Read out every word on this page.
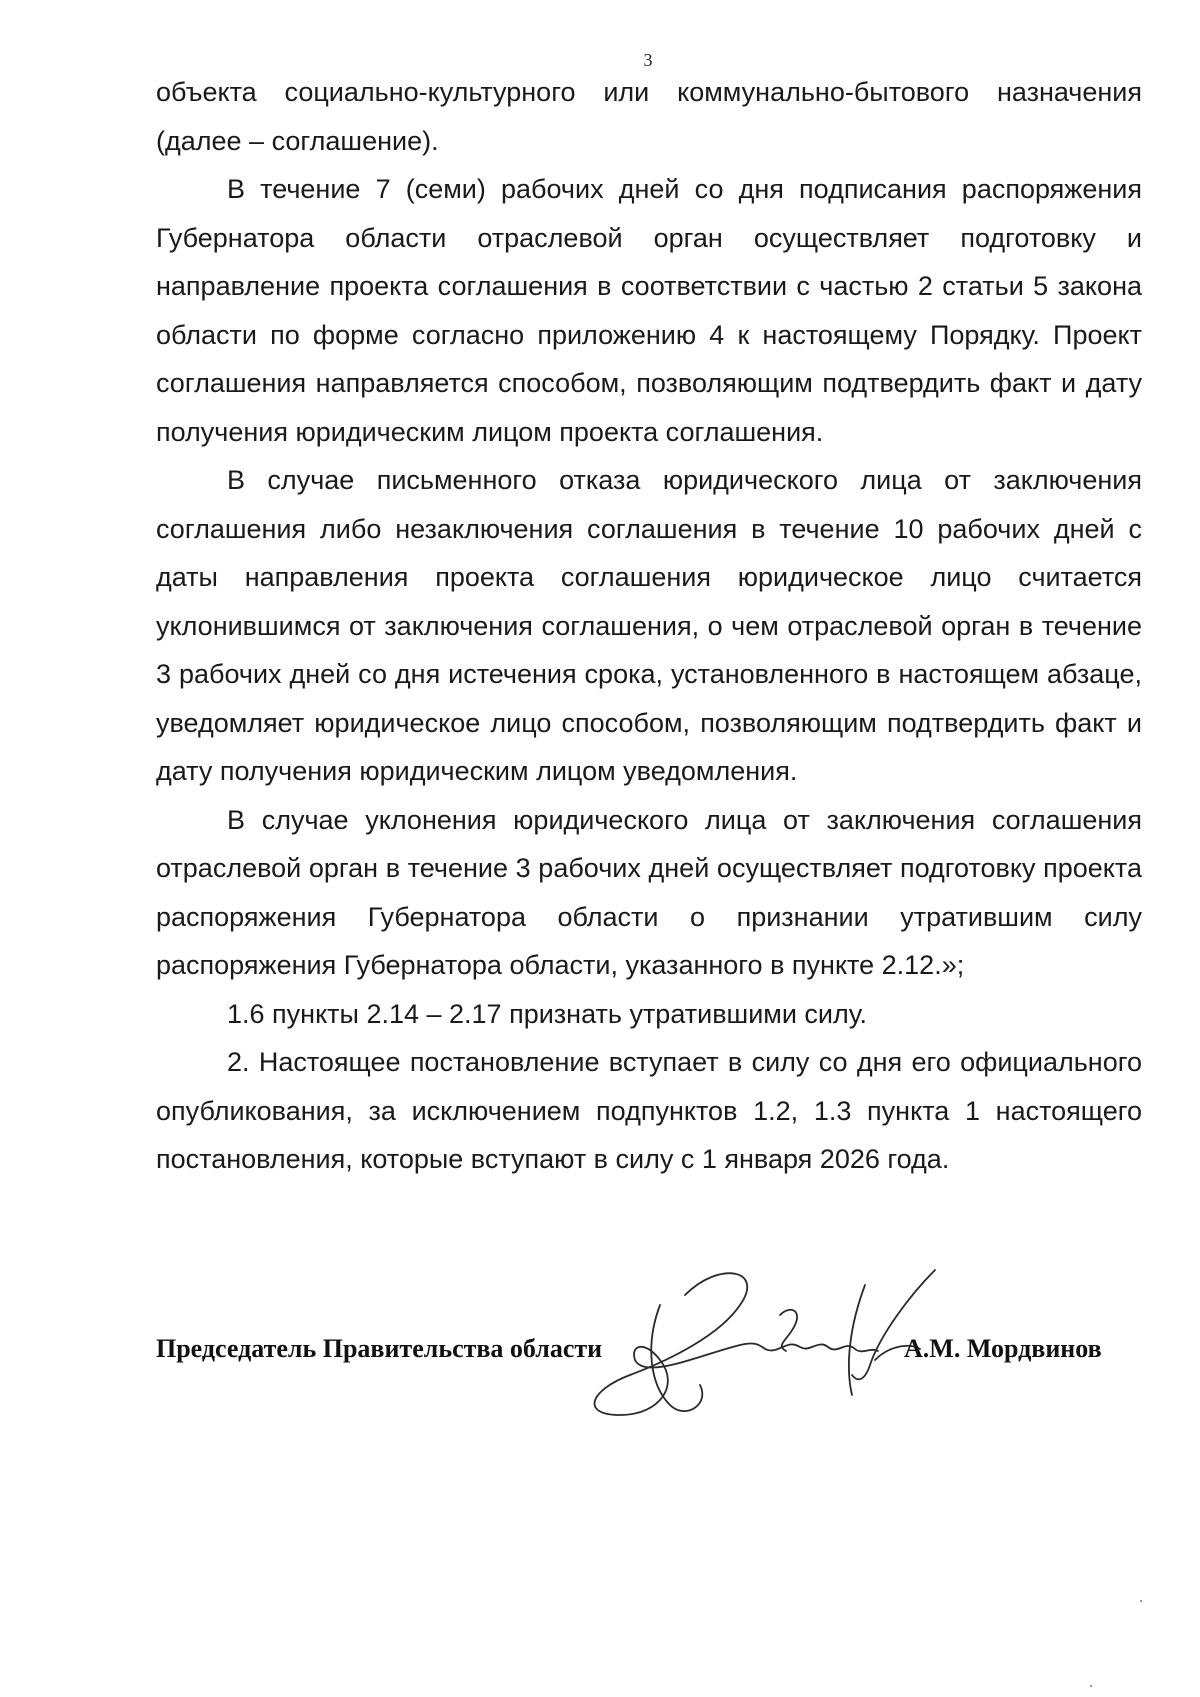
3

объекта социально-культурного или коммунально-бытового назначения (далее – соглашение).

В течение 7 (семи) рабочих дней со дня подписания распоряжения Губернатора области отраслевой орган осуществляет подготовку и направление проекта соглашения в соответствии с частью 2 статьи 5 закона области по форме согласно приложению 4 к настоящему Порядку. Проект соглашения направляется способом, позволяющим подтвердить факт и дату получения юридическим лицом проекта соглашения.

В случае письменного отказа юридического лица от заключения соглашения либо незаключения соглашения в течение 10 рабочих дней с даты направления проекта соглашения юридическое лицо считается уклонившимся от заключения соглашения, о чем отраслевой орган в течение 3 рабочих дней со дня истечения срока, установленного в настоящем абзаце, уведомляет юридическое лицо способом, позволяющим подтвердить факт и дату получения юридическим лицом уведомления.

В случае уклонения юридического лица от заключения соглашения отраслевой орган в течение 3 рабочих дней осуществляет подготовку проекта распоряжения Губернатора области о признании утратившим силу распоряжения Губернатора области, указанного в пункте 2.12.»;

1.6 пункты 2.14 – 2.17 признать утратившими силу.

2. Настоящее постановление вступает в силу со дня его официального опубликования, за исключением подпунктов 1.2, 1.3 пункта 1 настоящего постановления, которые вступают в силу с 1 января 2026 года.

Председатель Правительства области	А.М. Мордвинов
